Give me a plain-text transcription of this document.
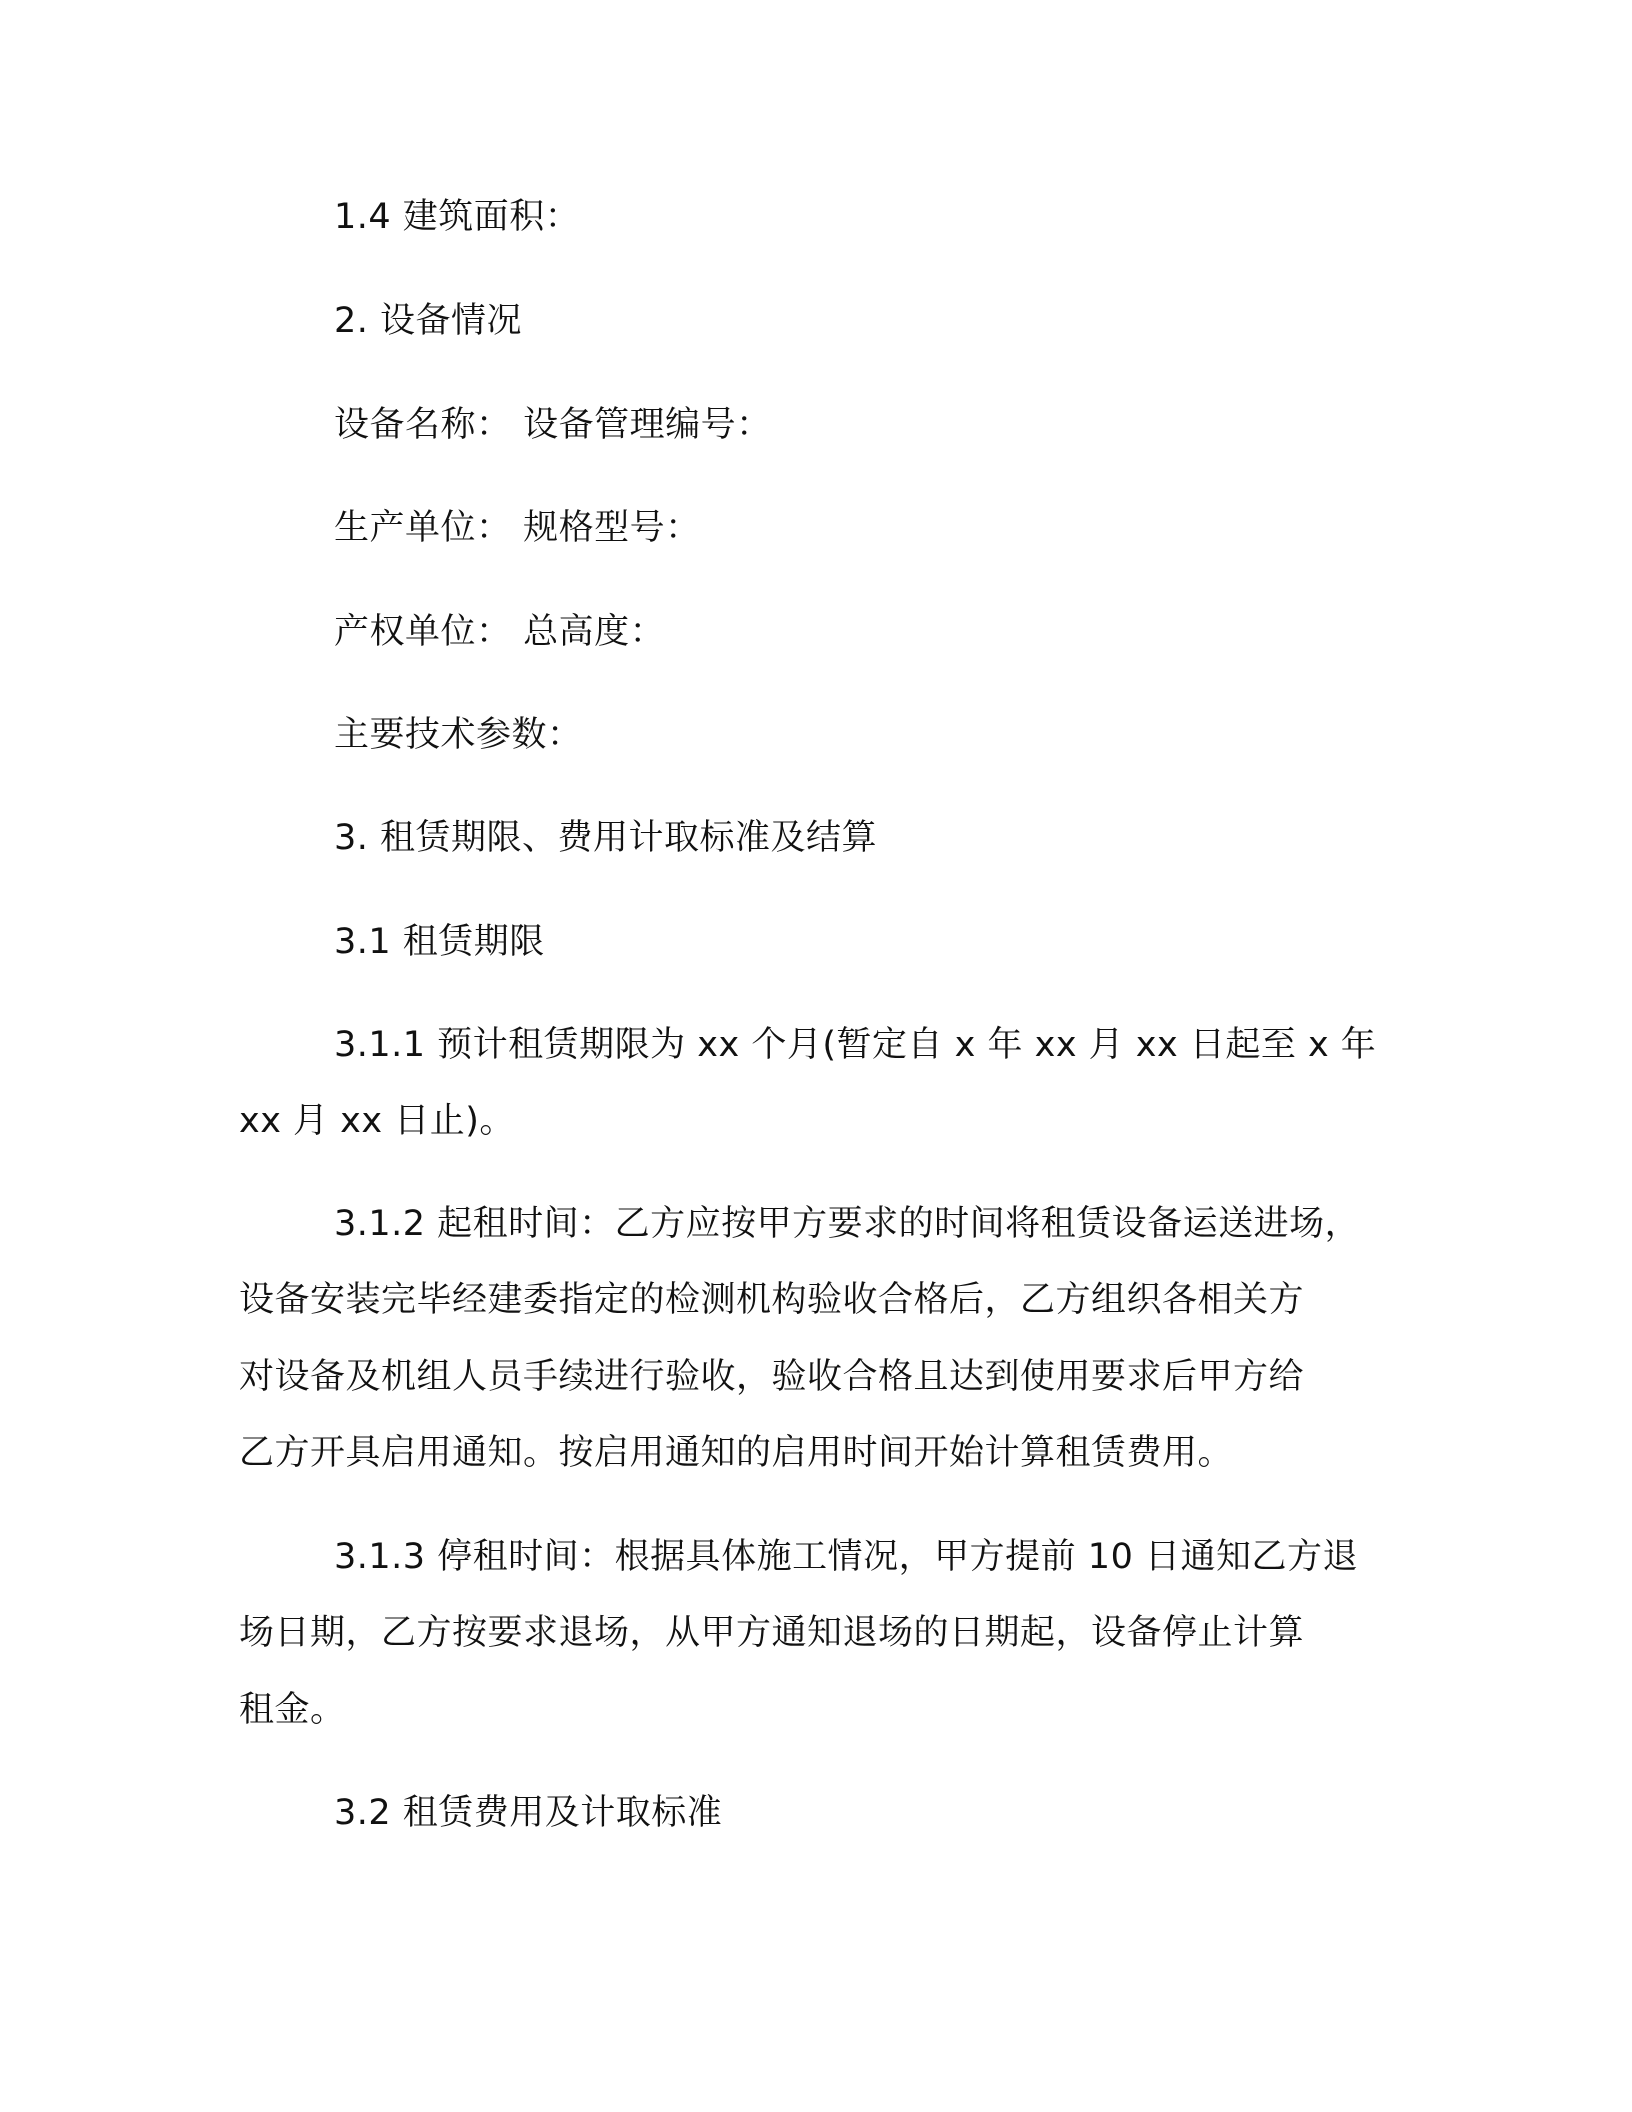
1.4 建筑面积：
2. 设备情况
设备名称： 设备管理编号：
生产单位： 规格型号：
产权单位： 总高度：
主要技术参数：
3. 租赁期限、费用计取标准及结算
3.1 租赁期限
3.1.1 预计租赁期限为 xx 个月(暂定自 x 年 xx 月 xx 日起至 x 年
xx 月 xx 日止)。
3.1.2 起租时间：乙方应按甲方要求的时间将租赁设备运送进场，
设备安装完毕经建委指定的检测机构验收合格后，乙方组织各相关方
对设备及机组人员手续进行验收，验收合格且达到使用要求后甲方给
乙方开具启用通知。按启用通知的启用时间开始计算租赁费用。
3.1.3 停租时间：根据具体施工情况，甲方提前 10 日通知乙方退
场日期，乙方按要求退场，从甲方通知退场的日期起，设备停止计算
租金。
3.2 租赁费用及计取标准
